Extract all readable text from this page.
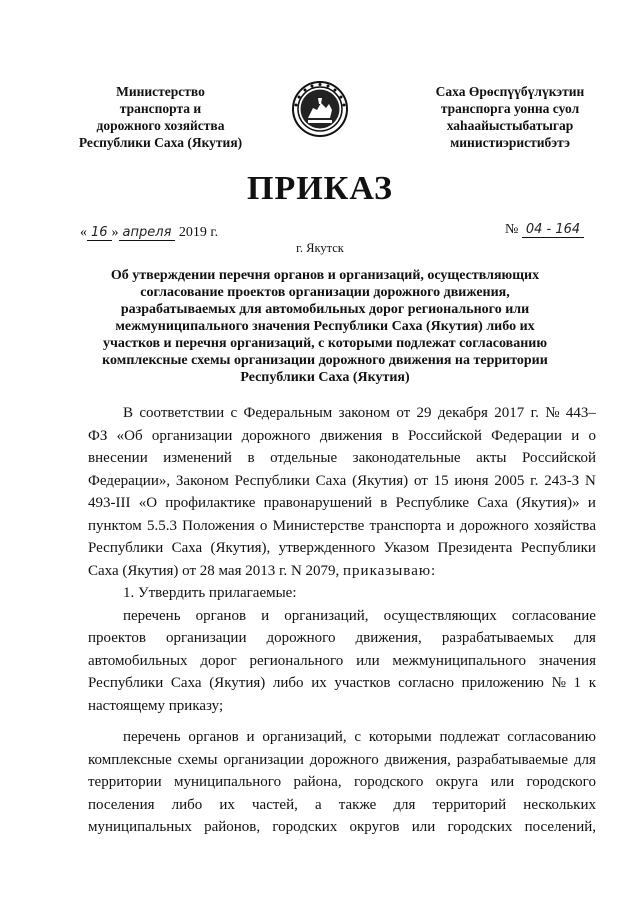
Министерство
транспорта и
дорожного хозяйства
Республики Саха (Якутия)
Саха Өрөспүүбүлүкэтин
транспорга уонна суол
хаһаайыстыбатыгар
министиэристибэтэ
ПРИКАЗ
« 16 » апреля 2019 г.	№ 04 - 164
г. Якутск
Об утверждении перечня органов и организаций, осуществляющих
согласование проектов организации дорожного движения,
разрабатываемых для автомобильных дорог регионального или
межмуниципального значения Республики Саха (Якутия) либо их
участков и перечня организаций, с которыми подлежат согласованию
комплексные схемы организации дорожного движения на территории
Республики Саха (Якутия)
В соответствии с Федеральным законом от 29 декабря 2017 г. № 443–
ФЗ «Об организации дорожного движения в Российской Федерации и о
внесении изменений в отдельные законодательные акты Российской
Федерации», Законом Республики Саха (Якутия) от 15 июня 2005 г. 243-З N
493-III «О профилактике правонарушений в Республике Саха (Якутия)» и
пунктом 5.5.3 Положения о Министерстве транспорта и дорожного хозяйства
Республики Саха (Якутия), утвержденного Указом Президента Республики
Саха (Якутия) от 28 мая 2013 г. N 2079,
приказываю:
1. Утвердить прилагаемые:
перечень органов и организаций, осуществляющих согласование
проектов организации дорожного движения, разрабатываемых для
автомобильных дорог регионального или межмуниципального значения
Республики Саха (Якутия) либо их участков согласно приложению № 1 к
настоящему приказу;
перечень органов и организаций, с которыми подлежат согласованию
комплексные схемы организации дорожного движения, разрабатываемые для
территории муниципального района, городского округа или городского
поселения либо их частей, а также для территорий нескольких
муниципальных районов, городских округов или городских поселений,
